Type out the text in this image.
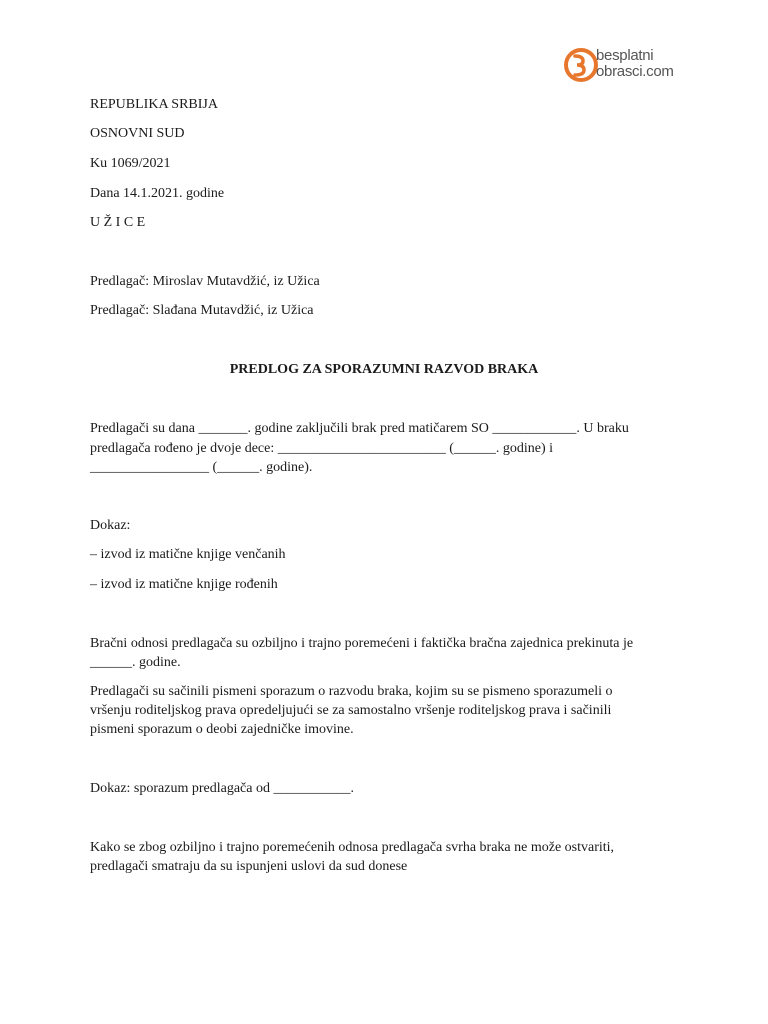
besplatni
obrasci.com
REPUBLIKA SRBIJA
OSNOVNI SUD
Ku 1069/2021
Dana 14.1.2021. godine
U Ž I C E
Predlagač: Miroslav Mutavdžić, iz Užica
Predlagač: Slađana Mutavdžić, iz Užica
PREDLOG ZA SPORAZUMNI RAZVOD BRAKA
Predlagači su dana _______. godine zaključili brak pred matičarem SO ____________. U braku
predlagača rođeno je dvoje dece: ________________________ (______. godine) i
_________________ (______. godine).
Dokaz:
– izvod iz matične knjige venčanih
– izvod iz matične knjige rođenih
Bračni odnosi predlagača su ozbiljno i trajno poremećeni i faktička bračna zajednica prekinuta je
______. godine.
Predlagači su sačinili pismeni sporazum o razvodu braka, kojim su se pismeno sporazumeli o
vršenju roditeljskog prava opredeljujući se za samostalno vršenje roditeljskog prava i sačinili
pismeni sporazum o deobi zajedničke imovine.
Dokaz: sporazum predlagača od ___________.
Kako se zbog ozbiljno i trajno poremećenih odnosa predlagača svrha braka ne može ostvariti,
predlagači smatraju da su ispunjeni uslovi da sud donese
